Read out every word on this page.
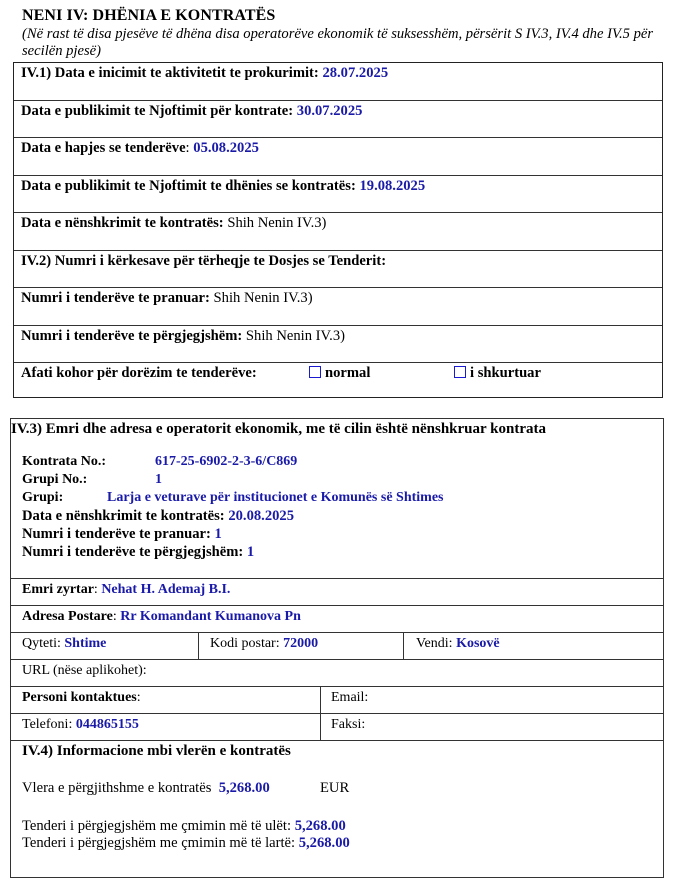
NENI IV: DHËNIA E KONTRATËS
(Në rast të disa pjesëve të dhëna disa operatorëve ekonomik të suksesshëm, përsërit S IV.3, IV.4 dhe IV.5 për secilën pjesë)
IV.1) Data e inicimit te aktivitetit te prokurimit: 28.07.2025
Data e publikimit te Njoftimit për kontrate: 30.07.2025
Data e hapjes se tenderëve: 05.08.2025
Data e publikimit te Njoftimit te dhënies se kontratës: 19.08.2025
Data e nënshkrimit te kontratës: Shih Nenin IV.3)
IV.2) Numri i kërkesave për tërheqje te Dosjes se Tenderit:
Numri i tenderëve te pranuar: Shih Nenin IV.3)
Numri i tenderëve te përgjegjshëm: Shih Nenin IV.3)
Afati kohor për dorëzim te tenderëve:	normal	i shkurtuar
IV.3) Emri dhe adresa e operatorit ekonomik, me të cilin është nënshkruar kontrata
Kontrata No.:	617-25-6902-2-3-6/C869
Grupi No.:	1
Grupi:	Larja e veturave për institucionet e Komunës së Shtimes
Data e nënshkrimit te kontratës: 20.08.2025
Numri i tenderëve te pranuar: 1
Numri i tenderëve te përgjegjshëm: 1
Emri zyrtar: Nehat H. Ademaj B.I.
Adresa Postare: Rr Komandant Kumanova Pn
Qyteti: Shtime	Kodi postar: 72000	Vendi: Kosovë
URL (nëse aplikohet):
Personi kontaktues:	Email:
Telefoni: 044865155	Faksi:
IV.4) Informacione mbi vlerën e kontratës
Vlera e përgjithshme e kontratës 5,268.00	EUR
Tenderi i përgjegjshëm me çmimin më të ulët: 5,268.00
Tenderi i përgjegjshëm me çmimin më të lartë: 5,268.00
